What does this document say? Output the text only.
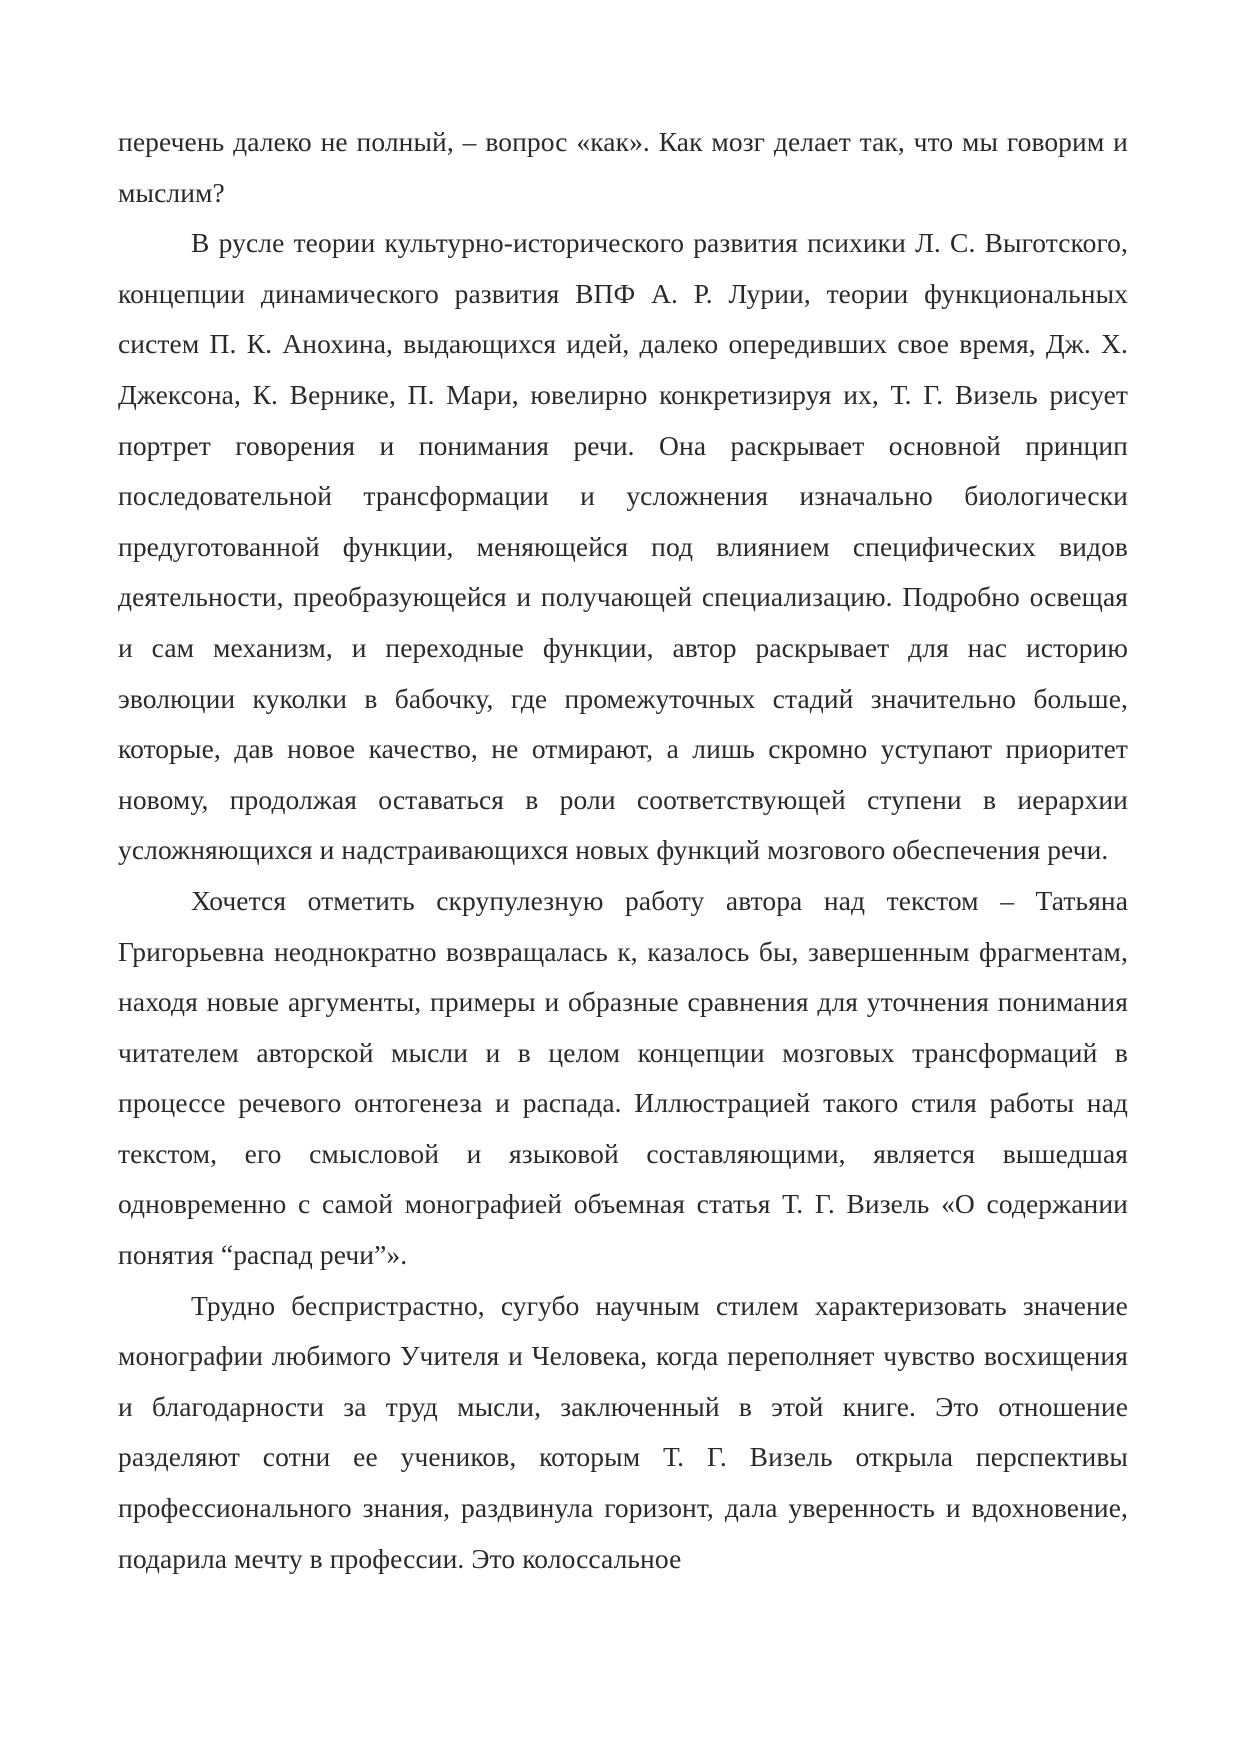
перечень далеко не полный, – вопрос «как». Как мозг делает так, что мы говорим и мыслим?

В русле теории культурно-исторического развития психики Л. С. Выготского, концепции динамического развития ВПФ А. Р. Лурии, теории функциональных систем П. К. Анохина, выдающихся идей, далеко опередивших свое время, Дж. Х. Джексона, К. Вернике, П. Мари, ювелирно конкретизируя их, Т. Г. Визель рисует портрет говорения и понимания речи. Она раскрывает основной принцип последовательной трансформации и усложнения изначально биологически предуготованной функции, меняющейся под влиянием специфических видов деятельности, преобразующейся и получающей специализацию. Подробно освещая и сам механизм, и переходные функции, автор раскрывает для нас историю эволюции куколки в бабочку, где промежуточных стадий значительно больше, которые, дав новое качество, не отмирают, а лишь скромно уступают приоритет новому, продолжая оставаться в роли соответствующей ступени в иерархии усложняющихся и надстраивающихся новых функций мозгового обеспечения речи.

Хочется отметить скрупулезную работу автора над текстом – Татьяна Григорьевна неоднократно возвращалась к, казалось бы, завершенным фрагментам, находя новые аргументы, примеры и образные сравнения для уточнения понимания читателем авторской мысли и в целом концепции мозговых трансформаций в процессе речевого онтогенеза и распада. Иллюстрацией такого стиля работы над текстом, его смысловой и языковой составляющими, является вышедшая одновременно с самой монографией объемная статья Т. Г. Визель «О содержании понятия “распад речи”».

Трудно беспристрастно, сугубо научным стилем характеризовать значение монографии любимого Учителя и Человека, когда переполняет чувство восхищения и благодарности за труд мысли, заключенный в этой книге. Это отношение разделяют сотни ее учеников, которым Т. Г. Визель открыла перспективы профессионального знания, раздвинула горизонт, дала уверенность и вдохновение, подарила мечту в профессии. Это колоссальное
